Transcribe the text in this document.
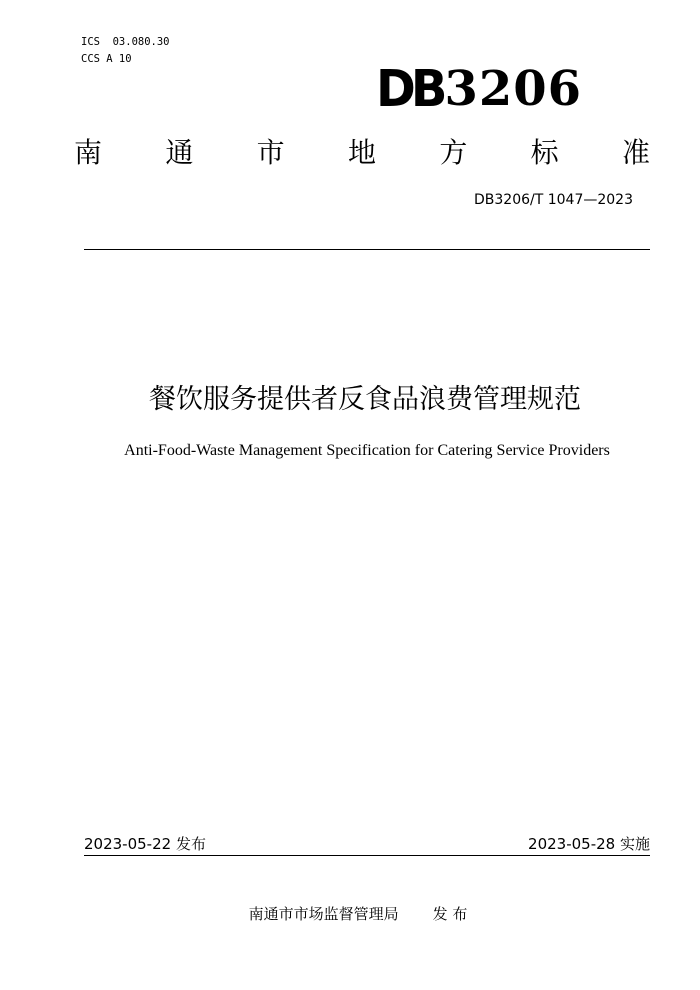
ICS  03.080.30
CCS A 10
DB 3206
南 通 市 地 方 标 准
DB3206/T 1047—2023
餐饮服务提供者反食品浪费管理规范
Anti-Food-Waste Management Specification for Catering Service Providers
2023-05-22 发布	2023-05-28 实施
南通市市场监督管理局 发 布
